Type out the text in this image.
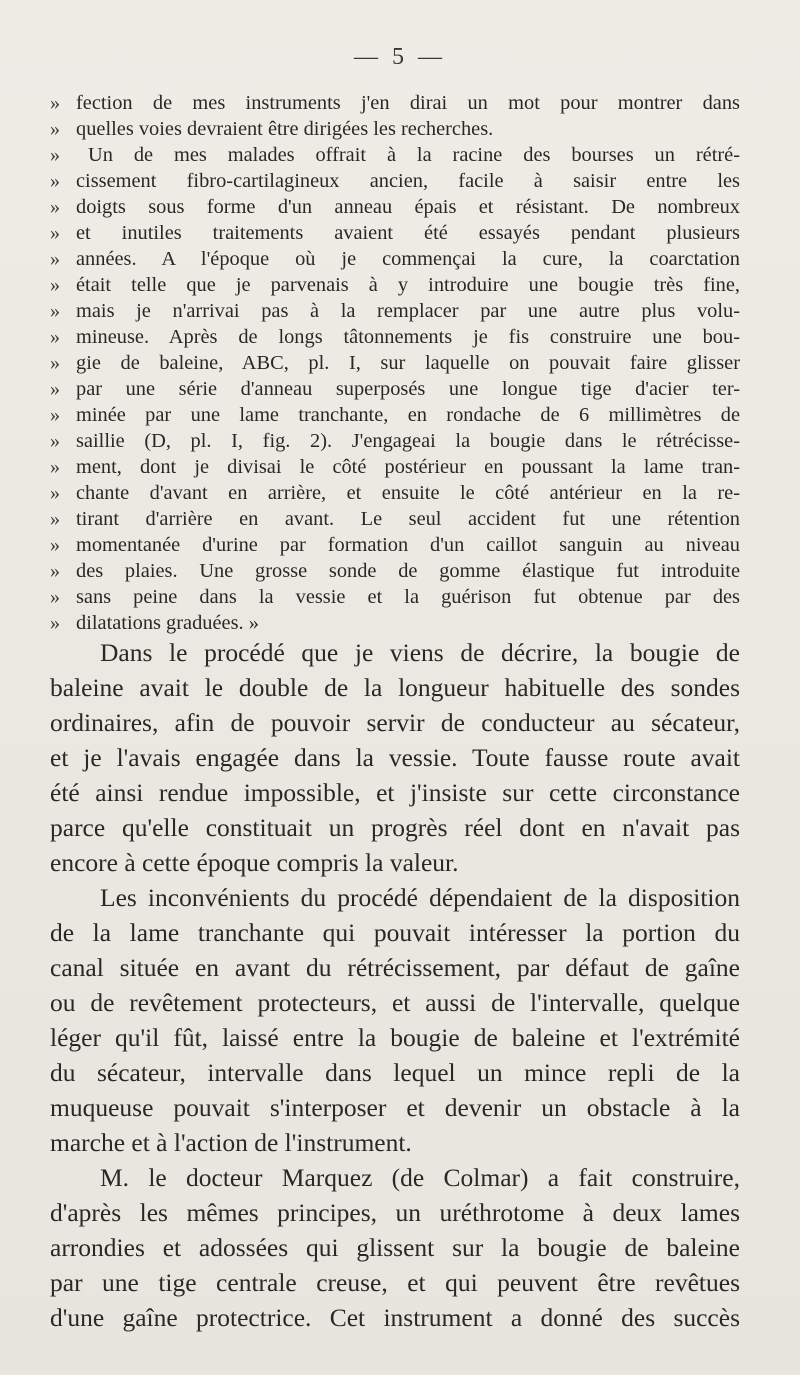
— 5 —
» fection de mes instruments j'en dirai un mot pour montrer dans
» quelles voies devraient être dirigées les recherches.
»	Un de mes malades offrait à la racine des bourses un rétré-
» cissement fibro-cartilagineux ancien, facile à saisir entre les
» doigts sous forme d'un anneau épais et résistant. De nombreux
» et inutiles traitements avaient été essayés pendant plusieurs
» années. A l'époque où je commençai la cure, la coarctation
» était telle que je parvenais à y introduire une bougie très fine,
» mais je n'arrivai pas à la remplacer par une autre plus volu-
» mineuse. Après de longs tâtonnements je fis construire une bou-
» gie de baleine, ABC, pl. I, sur laquelle on pouvait faire glisser
» par une série d'anneau superposés une longue tige d'acier ter-
» minée par une lame tranchante, en rondache de 6 millimètres de
» saillie (D, pl. I, fig. 2). J'engageai la bougie dans le rétrécisse-
» ment, dont je divisai le côté postérieur en poussant la lame tran-
» chante d'avant en arrière, et ensuite le côté antérieur en la re-
» tirant d'arrière en avant. Le seul accident fut une rétention
» momentanée d'urine par formation d'un caillot sanguin au niveau
» des plaies. Une grosse sonde de gomme élastique fut introduite
» sans peine dans la vessie et la guérison fut obtenue par des
» dilatations graduées. »
Dans le procédé que je viens de décrire, la bougie de
baleine avait le double de la longueur habituelle des sondes
ordinaires, afin de pouvoir servir de conducteur au sécateur,
et je l'avais engagée dans la vessie. Toute fausse route avait
été ainsi rendue impossible, et j'insiste sur cette circonstance
parce qu'elle constituait un progrès réel dont en n'avait pas
encore à cette époque compris la valeur.
Les inconvénients du procédé dépendaient de la disposition
de la lame tranchante qui pouvait intéresser la portion du
canal située en avant du rétrécissement, par défaut de gaîne
ou de revêtement protecteurs, et aussi de l'intervalle, quelque
léger qu'il fût, laissé entre la bougie de baleine et l'extrémité
du sécateur, intervalle dans lequel un mince repli de la
muqueuse pouvait s'interposer et devenir un obstacle à la
marche et à l'action de l'instrument.
M. le docteur Marquez (de Colmar) a fait construire,
d'après les mêmes principes, un uréthrotome à deux lames
arrondies et adossées qui glissent sur la bougie de baleine
par une tige centrale creuse, et qui peuvent être revêtues
d'une gaîne protectrice. Cet instrument a donné des succès
